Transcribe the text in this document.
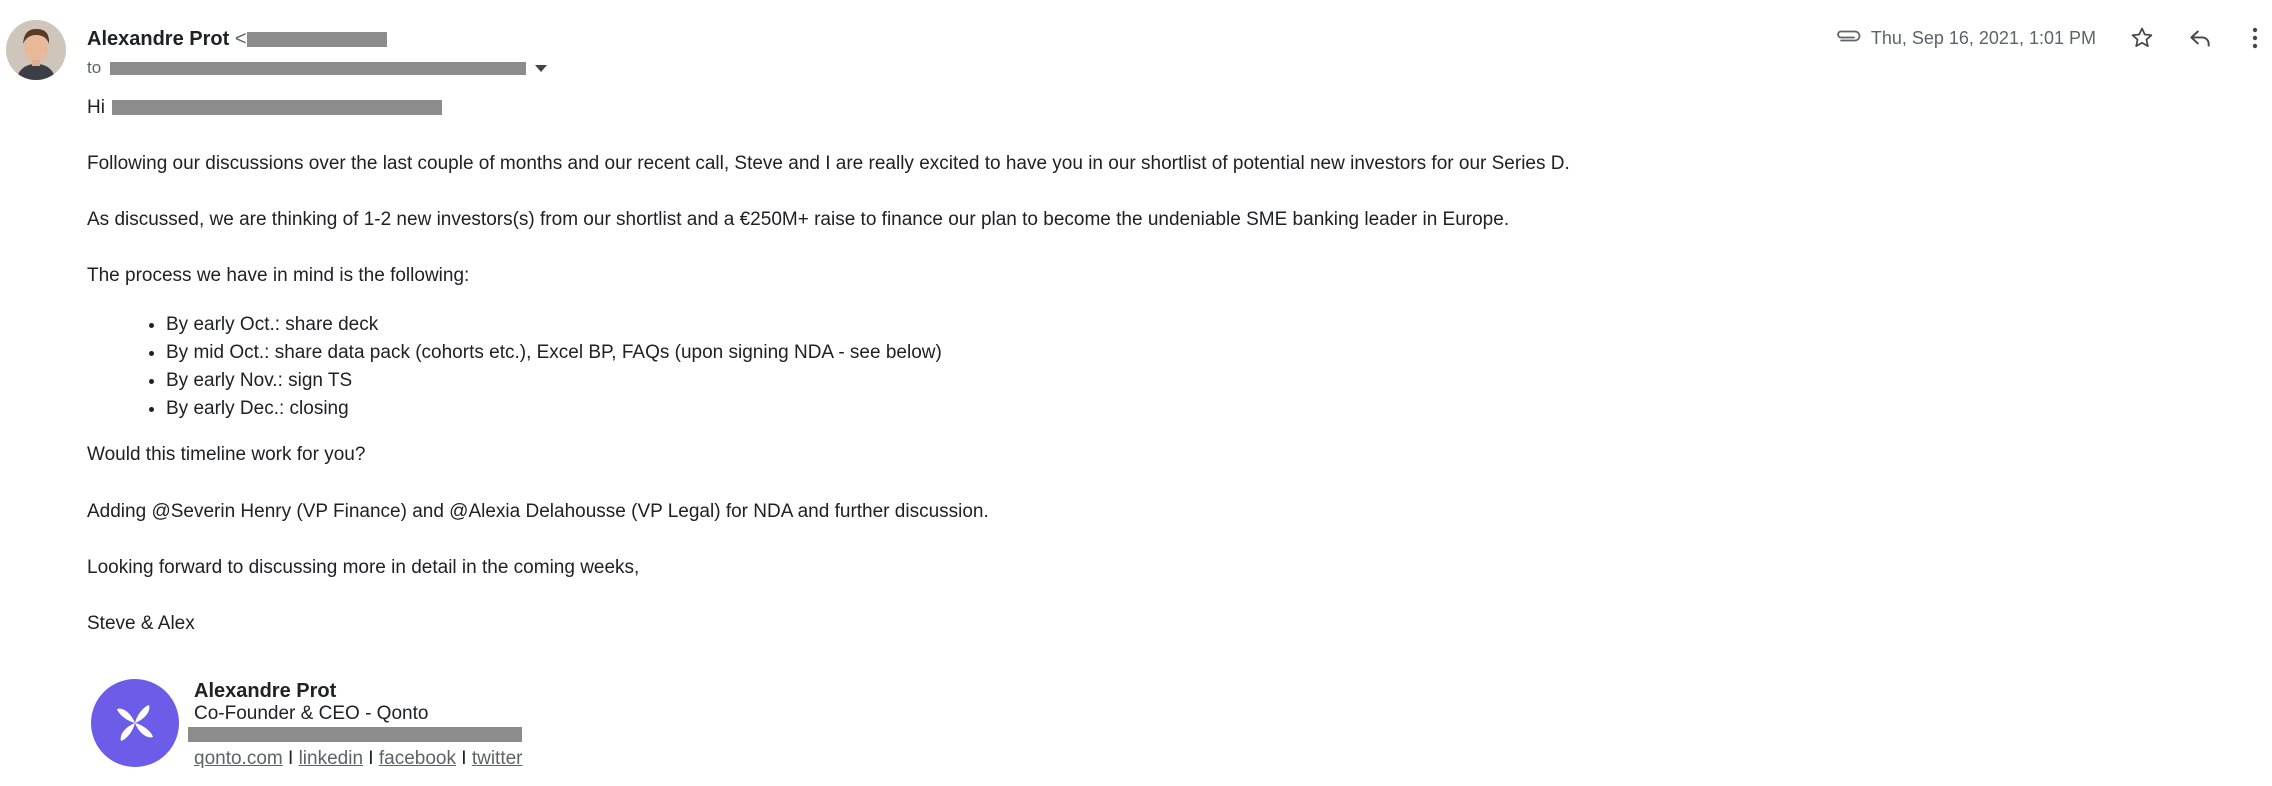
Alexandre Prot <
to
Thu, Sep 16, 2021, 1:01 PM
Hi
Following our discussions over the last couple of months and our recent call, Steve and I are really excited to have you in our shortlist of potential new investors for our Series D.
As discussed, we are thinking of 1-2 new investors(s) from our shortlist and a €250M+ raise to finance our plan to become the undeniable SME banking leader in Europe.
The process we have in mind is the following:
• By early Oct.: share deck
• By mid Oct.: share data pack (cohorts etc.), Excel BP, FAQs (upon signing NDA - see below)
• By early Nov.: sign TS
• By early Dec.: closing
Would this timeline work for you?
Adding @Severin Henry (VP Finance) and @Alexia Delahousse (VP Legal) for NDA and further discussion.
Looking forward to discussing more in detail in the coming weeks,
Steve & Alex
Alexandre Prot
Co-Founder & CEO - Qonto
qonto.com I linkedin I facebook I twitter
